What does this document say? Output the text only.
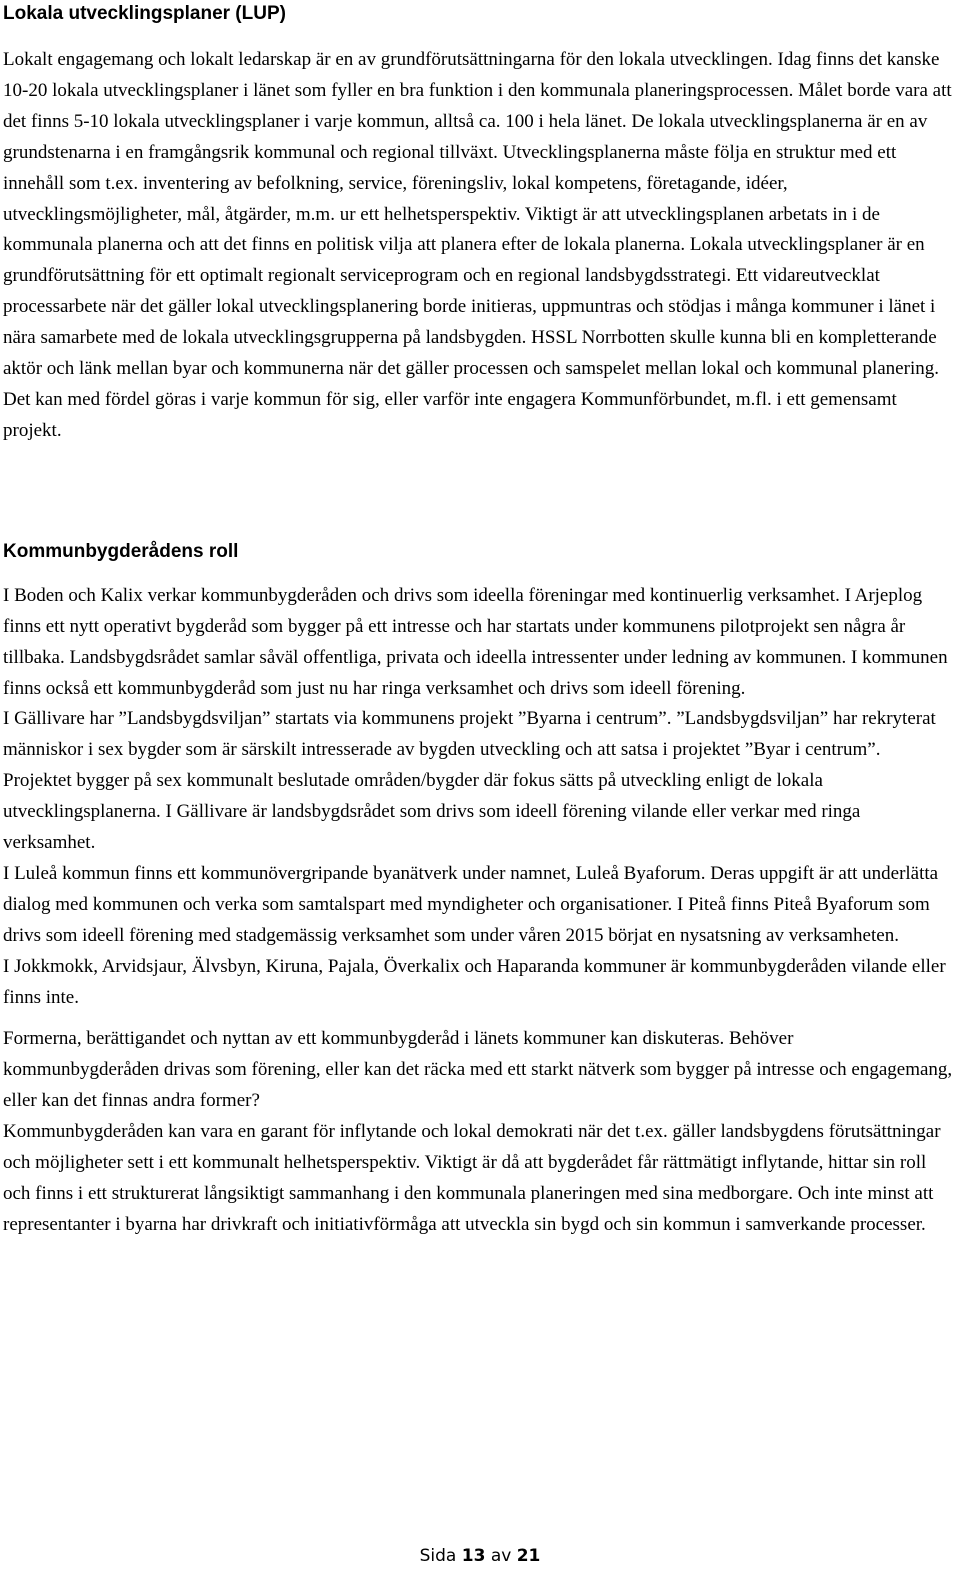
Lokala utvecklingsplaner (LUP)

Lokalt engagemang och lokalt ledarskap är en av grundförutsättningarna för den lokala utvecklingen. Idag finns det kanske 10-20 lokala utvecklingsplaner i länet som fyller en bra funktion i den kommunala planeringsprocessen. Målet borde vara att det finns 5-10 lokala utvecklingsplaner i varje kommun, alltså ca. 100 i hela länet. De lokala utvecklingsplanerna är en av grundstenarna i en framgångsrik kommunal och regional tillväxt. Utvecklingsplanerna måste följa en struktur med ett innehåll som t.ex. inventering av befolkning, service, föreningsliv, lokal kompetens, företagande, idéer, utvecklingsmöjligheter, mål, åtgärder, m.m. ur ett helhetsperspektiv. Viktigt är att utvecklingsplanen arbetats in i de kommunala planerna och att det finns en politisk vilja att planera efter de lokala planerna. Lokala utvecklingsplaner är en grundförutsättning för ett optimalt regionalt serviceprogram och en regional landsbygdsstrategi. Ett vidareutvecklat processarbete när det gäller lokal utvecklingsplanering borde initieras, uppmuntras och stödjas i många kommuner i länet i nära samarbete med de lokala utvecklingsgrupperna på landsbygden. HSSL Norrbotten skulle kunna bli en kompletterande aktör och länk mellan byar och kommunerna när det gäller processen och samspelet mellan lokal och kommunal planering. Det kan med fördel göras i varje kommun för sig, eller varför inte engagera Kommunförbundet, m.fl. i ett gemensamt projekt.

Kommunbygderådens roll

I Boden och Kalix verkar kommunbygderåden och drivs som ideella föreningar med kontinuerlig verksamhet. I Arjeplog finns ett nytt operativt bygderåd som bygger på ett intresse och har startats under kommunens pilotprojekt sen några år tillbaka. Landsbygdsrådet samlar såväl offentliga, privata och ideella intressenter under ledning av kommunen. I kommunen finns också ett kommunbygderåd som just nu har ringa verksamhet och drivs som ideell förening.
I Gällivare har ”Landsbygdsviljan” startats via kommunens projekt ”Byarna i centrum”. ”Landsbygdsviljan” har rekryterat människor i sex bygder som är särskilt intresserade av bygden utveckling och att satsa i projektet ”Byar i centrum”. Projektet bygger på sex kommunalt beslutade områden/bygder där fokus sätts på utveckling enligt de lokala utvecklingsplanerna. I Gällivare är landsbygdsrådet som drivs som ideell förening vilande eller verkar med ringa verksamhet.
I Luleå kommun finns ett kommunövergripande byanätverk under namnet, Luleå Byaforum. Deras uppgift är att underlätta dialog med kommunen och verka som samtalspart med myndigheter och organisationer. I Piteå finns Piteå Byaforum som drivs som ideell förening med stadgemässig verksamhet som under våren 2015 börjat en nysatsning av verksamheten.
I Jokkmokk, Arvidsjaur, Älvsbyn, Kiruna, Pajala, Överkalix och Haparanda kommuner är kommunbygderåden vilande eller finns inte.

Formerna, berättigandet och nyttan av ett kommunbygderåd i länets kommuner kan diskuteras. Behöver kommunbygderåden drivas som förening, eller kan det räcka med ett starkt nätverk som bygger på intresse och engagemang, eller kan det finnas andra former?
Kommunbygderåden kan vara en garant för inflytande och lokal demokrati när det t.ex. gäller landsbygdens förutsättningar och möjligheter sett i ett kommunalt helhetsperspektiv. Viktigt är då att bygderådet får rättmätigt inflytande, hittar sin roll och finns i ett strukturerat långsiktigt sammanhang i den kommunala planeringen med sina medborgare. Och inte minst att representanter i byarna har drivkraft och initiativförmåga att utveckla sin bygd och sin kommun i samverkande processer.

Sida 13 av 21
